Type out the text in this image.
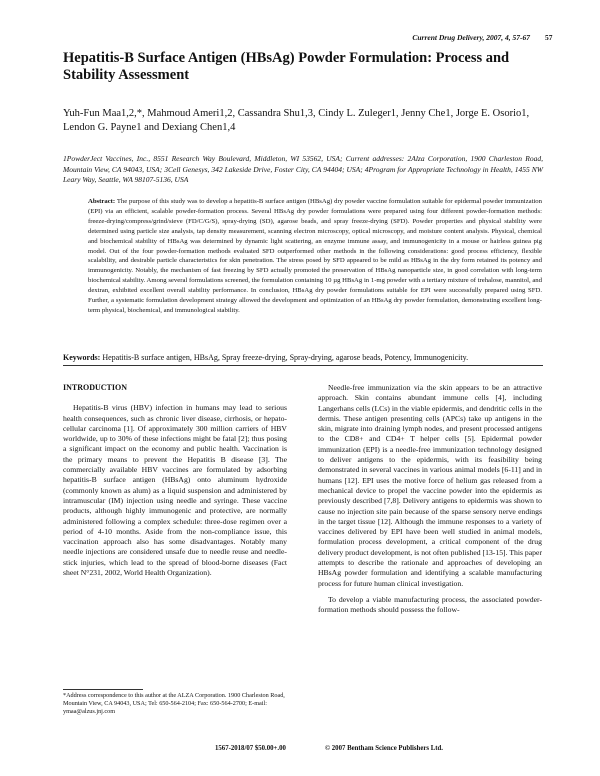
Current Drug Delivery, 2007, 4, 57-67 57
Hepatitis-B Surface Antigen (HBsAg) Powder Formulation: Process and Stability Assessment
Yuh-Fun Maa1,2,*, Mahmoud Ameri1,2, Cassandra Shu1,3, Cindy L. Zuleger1, Jenny Che1, Jorge E. Osorio1, Lendon G. Payne1 and Dexiang Chen1,4
1PowderJect Vaccines, Inc., 8551 Research Way Boulevard, Middleton, WI 53562, USA; Current addresses: 2Alza Corporation, 1900 Charleston Road, Mountain View, CA 94043, USA; 3Cell Genesys, 342 Lakeside Drive, Foster City, CA 94404; USA; 4Program for Appropriate Technology in Health, 1455 NW Leary Way, Seattle, WA 98107-5136, USA
Abstract: The purpose of this study was to develop a hepatitis-B surface antigen (HBsAg) dry powder vaccine formulation suitable for epidermal powder immunization (EPI) via an efficient, scalable powder-formation process. Several HBsAg dry powder formulations were prepared using four different powder-formation methods: freeze-drying/compress/grind/sieve (FD/C/G/S), spray-drying (SD), agarose beads, and spray freeze-drying (SFD). Powder properties and physical stability were determined using particle size analysis, tap density measurement, scanning electron microscopy, optical microscopy, and moisture content analysis. Physical, chemical and biochemical stability of HBsAg was determined by dynamic light scattering, an enzyme immune assay, and immunogenicity in a mouse or hairless guinea pig model. Out of the four powder-formation methods evaluated SFD outperformed other methods in the following considerations: good process efficiency, flexible scalability, and desirable particle characteristics for skin penetration. The stress posed by SFD appeared to be mild as HBsAg in the dry form retained its potency and immunogenicity. Notably, the mechanism of fast freezing by SFD actually promoted the preservation of HBsAg nanoparticle size, in good correlation with long-term biochemical stability. Among several formulations screened, the formulation containing 10 µg HBsAg in 1-mg powder with a tertiary mixture of trehalose, mannitol, and dextran, exhibited excellent overall stability performance. In conclusion, HBsAg dry powder formulations suitable for EPI were successfully prepared using SFD. Further, a systematic formulation development strategy allowed the development and optimization of an HBsAg dry powder formulation, demonstrating excellent long-term physical, biochemical, and immunological stability.
Keywords: Hepatitis-B surface antigen, HBsAg, Spray freeze-drying, Spray-drying, agarose beads, Potency, Immunogenicity.
INTRODUCTION

Hepatitis-B virus (HBV) infection in humans may lead to serious health consequences, such as chronic liver disease, cirrhosis, or hepato-cellular carcinoma [1]. Of approximately 300 million carriers of HBV worldwide, up to 30% of these infections might be fatal [2]; thus posing a significant impact on the economy and public health. Vaccination is the primary means to prevent the Hepatitis B disease [3]. The commercially available HBV vaccines are formulated by adsorbing hepatitis-B surface antigen (HBsAg) onto aluminum hydroxide (commonly known as alum) as a liquid suspension and administered by intramuscular (IM) injection using needle and syringe. These vaccine products, although highly immunogenic and protective, are normally administered following a complex schedule: three-dose regimen over a period of 4-10 months. Aside from the non-compliance issue, this vaccination approach also has some disadvantages. Notably many needle injections are considered unsafe due to needle reuse and needle-stick injuries, which lead to the spread of blood-borne diseases (Fact sheet N°231, 2002, World Health Organization).

Needle-free immunization via the skin appears to be an attractive approach. Skin contains abundant immune cells [4], including Langerhans cells (LCs) in the viable epidermis, and dendritic cells in the dermis. These antigen presenting cells (APCs) take up antigens in the skin, migrate into draining lymph nodes, and present processed antigens to the CD8+ and CD4+ T helper cells [5]. Epidermal powder immunization (EPI) is a needle-free immunization technology designed to deliver antigens to the epidermis, with its feasibility being demonstrated in several vaccines in various animal models [6-11] and in humans [12]. EPI uses the motive force of helium gas released from a mechanical device to propel the vaccine powder into the epidermis as previously described [7,8]. Delivery antigens to epidermis was shown to cause no injection site pain because of the sparse sensory nerve endings in the target tissue [12]. Although the immune responses to a variety of vaccines delivered by EPI have been well studied in animal models, formulation process development, a critical component of the drug delivery product development, is not often published [13-15]. This paper attempts to describe the rationale and approaches of developing an HBsAg powder formulation and identifying a scalable manufacturing process for future human clinical investigation.

To develop a viable manufacturing process, the associated powder-formation methods should possess the follow-

*Address correspondence to this author at the ALZA Corporation. 1900 Charleston Road, Mountain View, CA 94043, USA; Tel: 650-564-2104; Fax: 650-564-2700; E-mail: ymaa@alzus.jnj.com
1567-2018/07 $50.00+.00	© 2007 Bentham Science Publishers Ltd.
